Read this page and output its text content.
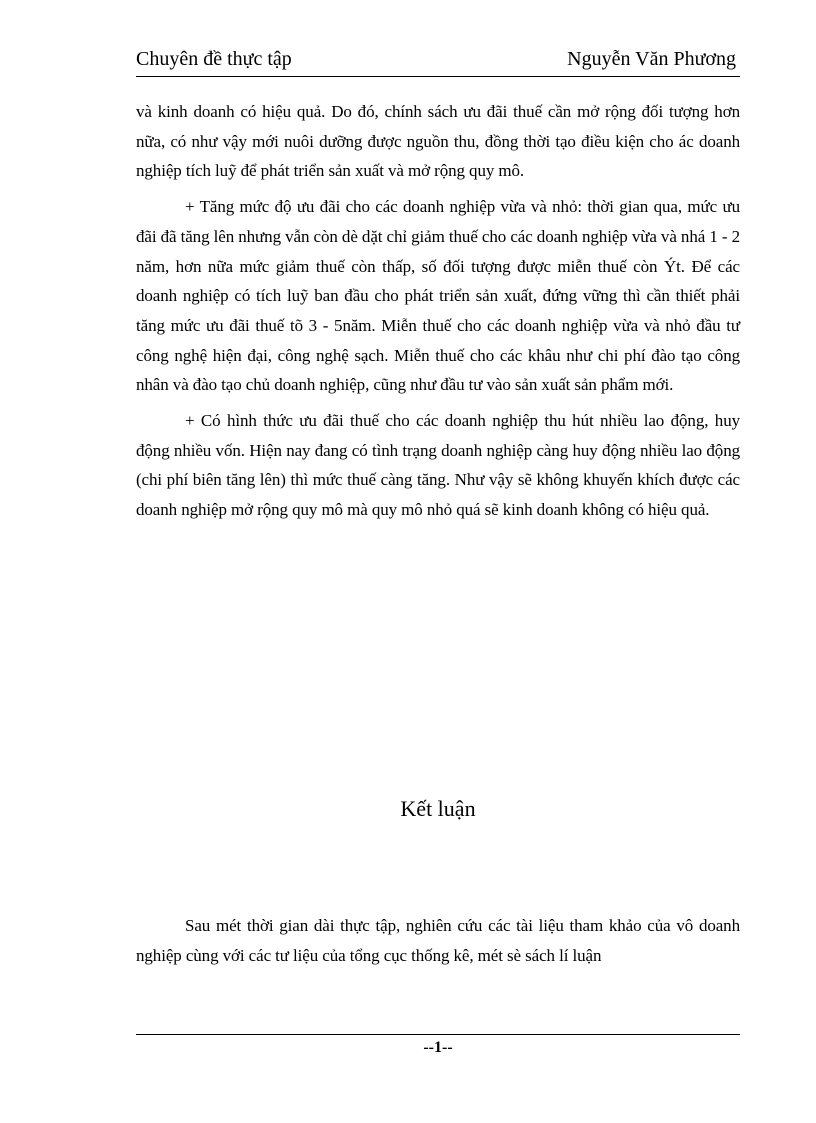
Chuyên đề thực tập	Nguyễn Văn Phương

và kinh doanh có hiệu quả. Do đó, chính sách ưu đãi thuế cần mở rộng đối tượng hơn nữa, có như vậy mới nuôi dưỡng được nguồn thu, đồng thời tạo điều kiện cho ác doanh nghiệp tích luỹ để phát triển sản xuất và mở rộng quy mô.

+ Tăng mức độ ưu đãi cho các doanh nghiệp vừa và nhỏ: thời gian qua, mức ưu đãi đã tăng lên nhưng vẫn còn dè dặt chỉ giảm thuế cho các doanh nghiệp vừa và nhá 1 - 2 năm, hơn nữa mức giảm thuế còn thấp, số đối tượng được miễn thuế còn Ýt. Để các doanh nghiệp có tích luỹ ban đầu cho phát triển sản xuất, đứng vững thì cần thiết phải tăng mức ưu đãi thuế tõ 3 - 5năm. Miễn thuế cho các doanh nghiệp vừa và nhỏ đầu tư công nghệ hiện đại, công nghệ sạch. Miễn thuế cho các khâu như chi phí đào tạo công nhân và đào tạo chủ doanh nghiệp, cũng như đầu tư vào sản xuất sản phẩm mới.

+ Có hình thức ưu đãi thuế cho các doanh nghiệp thu hút nhiều lao động, huy động nhiều vốn. Hiện nay đang có tình trạng doanh nghiệp càng huy động nhiều lao động (chi phí biên tăng lên) thì mức thuế càng tăng. Như vậy sẽ không khuyến khích được các doanh nghiệp mở rộng quy mô mà quy mô nhỏ quá sẽ kinh doanh không có hiệu quả.

Kết luận

Sau mét thời gian dài thực tập, nghiên cứu các tài liệu tham khảo của vô doanh nghiệp cùng với các tư liệu của tổng cục thống kê, mét sè sách lí luận

--1--
